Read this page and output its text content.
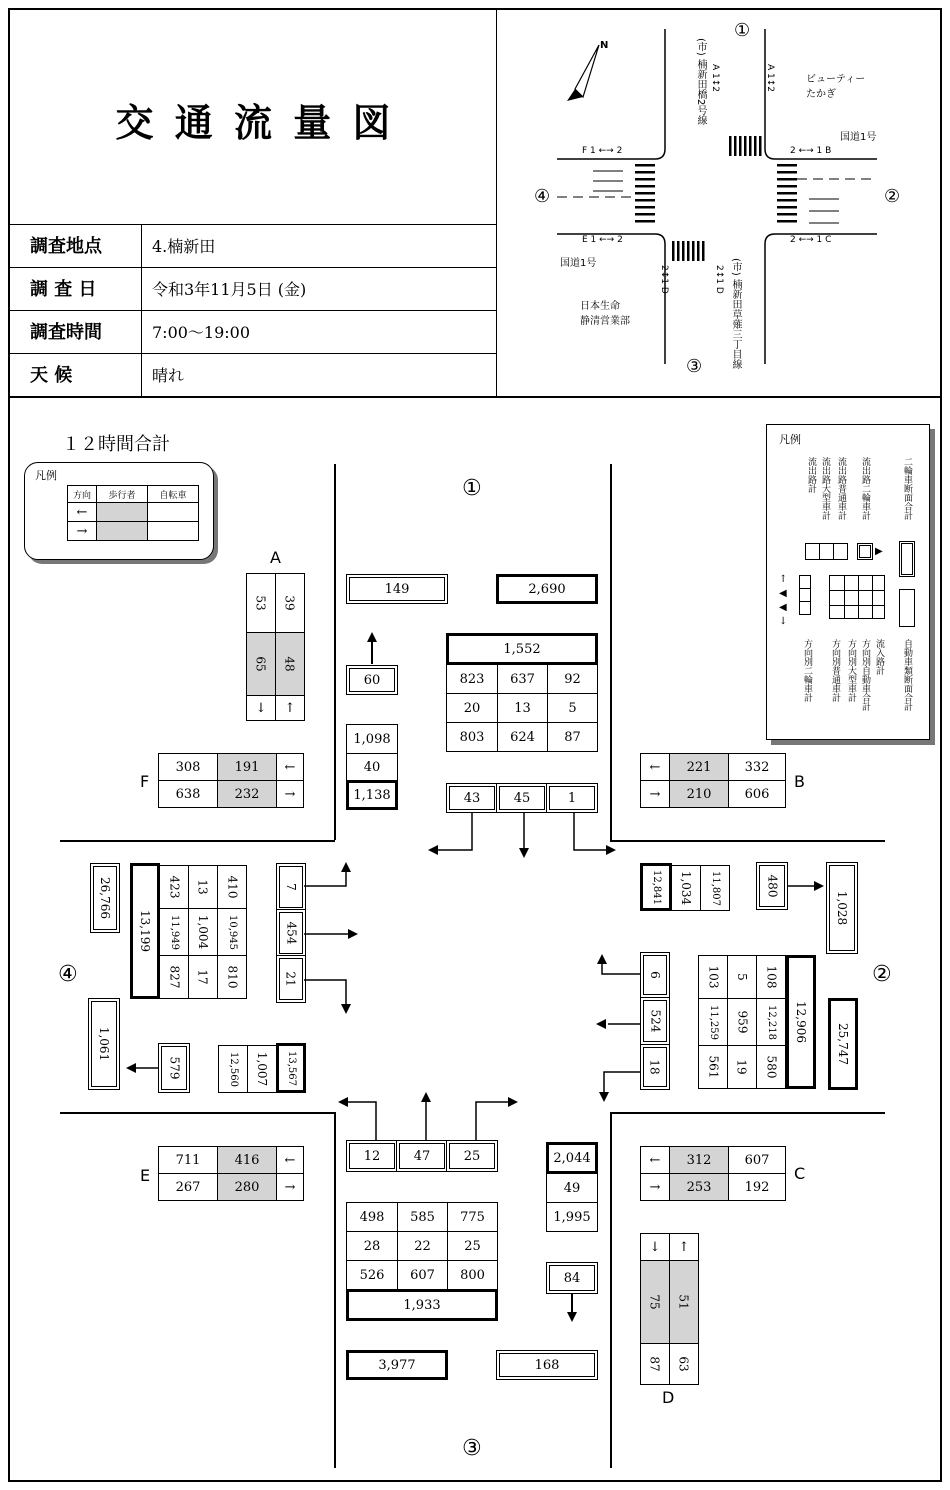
交 通 流 量 図
調査地点	4.楠新田
調 査 日	令和3年11月5日 (金)
調査時間	7:00〜19:00
天 候	晴れ
①
②
③
④
ビューティー
たかぎ
国道1号
国道1号
(市) 楠新田橋2号線
(市) 楠新田草薙三丁目線
日本生命
静清営業部
A 1↕2	A 1↕2
2 ←→ 1 B
2 ←→ 1 C
F 1 ←→ 2
E 1 ←→ 2
2↕1 D	2↕1 D
N
１２時間合計
凡例
方向	歩行者	自転車
←
→
凡例
流出路計 流出路大型車計 流出路普通車計 流出路二輪車計	二輪車断面合計
▶
↑
◀
◀
↓
方向別二輪車計 方向別普通車計 方向別大型車計 方向別自動車合計 流入路計 自動車類断面合計
①
②
③
④
A
B
C
D
E
F
53 39
65 48
↓	↑
308	191	←
638	232	→
←	221	332
→	210	606
711	416	←
267	280	→
←	312	607
→	253	192
↓	↑
75 51
87 63
149	2,690
60
1,552
823	637	92
20	13	5
803	624	87
1,098
40
1,138	43	45	1
26,766
13,199
423 13 410
11,949 1,004 10,945
827 17 810
7
454
21
1,061
579	12,560 1,007 13,567
12,841 1,034 11,807	480
1,028
6
524
18
103 5 108
11,259 959 12,218
561 19 580
12,906
25,747
12	47	25	2,044
49
1,995
498	585	775
28	22	25
526	607	800
1,933
84
3,977	168
